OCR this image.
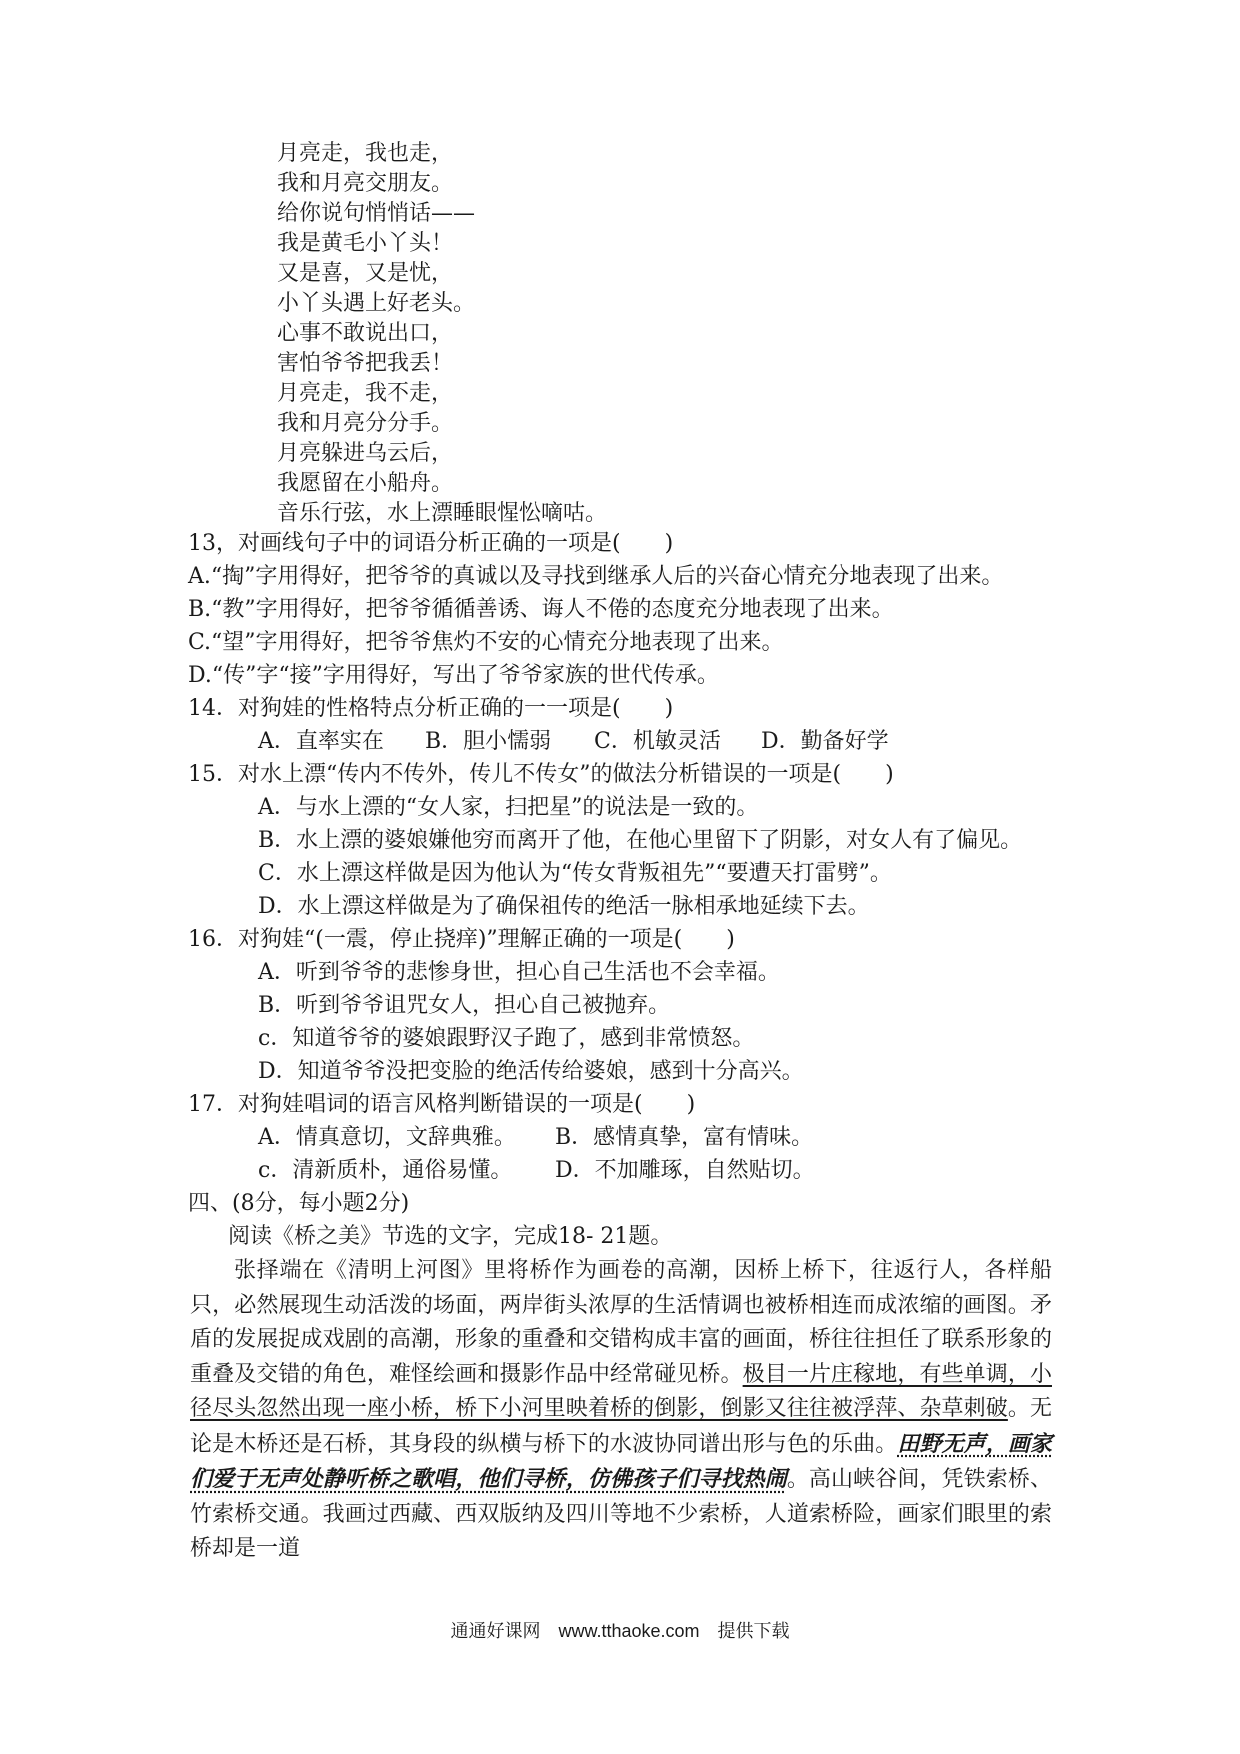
月亮走，我也走，
我和月亮交朋友。
给你说句悄悄话——
我是黄毛小丫头！
又是喜，又是忧，
小丫头遇上好老头。
心事不敢说出口，
害怕爷爷把我丢！
月亮走，我不走，
我和月亮分分手。
月亮躲进乌云后，
我愿留在小船舟。
音乐行弦，水上漂睡眼惺忪嘀咕。
13，对画线句子中的词语分析正确的一项是(　　)
A.“掏”字用得好，把爷爷的真诚以及寻找到继承人后的兴奋心情充分地表现了出来。
B.“教”字用得好，把爷爷循循善诱、诲人不倦的态度充分地表现了出来。
C.“望”字用得好，把爷爷焦灼不安的心情充分地表现了出来。
D.“传”字“接”字用得好，写出了爷爷家族的世代传承。
14．对狗娃的性格特点分析正确的一一项是(　　)
A．直率实在 B．胆小懦弱 C．机敏灵活 D．勤备好学
15．对水上漂“传内不传外，传儿不传女”的做法分析错误的一项是(　　)
A．与水上漂的“女人家，扫把星”的说法是一致的。
B．水上漂的婆娘嫌他穷而离开了他，在他心里留下了阴影，对女人有了偏见。
C．水上漂这样做是因为他认为“传女背叛祖先”“要遭天打雷劈”。
D．水上漂这样做是为了确保祖传的绝活一脉相承地延续下去。
16．对狗娃“(一震，停止挠痒)”理解正确的一项是(　　)
A．听到爷爷的悲惨身世，担心自己生活也不会幸福。
B．听到爷爷诅咒女人，担心自己被抛弃。
c．知道爷爷的婆娘跟野汉子跑了，感到非常愤怒。
D．知道爷爷没把变脸的绝活传给婆娘，感到十分高兴。
17．对狗娃唱词的语言风格判断错误的一项是(　　)
A．情真意切，文辞典雅。 B．感情真挚，富有情味。
c．清新质朴，通俗易懂。 D．不加雕琢，自然贴切。
四、(8分，每小题2分)
阅读《桥之美》节选的文字，完成18- 21题。
张择端在《清明上河图》里将桥作为画卷的高潮，因桥上桥下，往返行人，各样船只，必然展现生动活泼的场面，两岸街头浓厚的生活情调也被桥相连而成浓缩的画图。矛盾的发展捉成戏剧的高潮，形象的重叠和交错构成丰富的画面，桥往往担任了联系形象的重叠及交错的角色，难怪绘画和摄影作品中经常碰见桥。极目一片庄稼地，有些单调，小径尽头忽然出现一座小桥，桥下小河里映着桥的倒影，倒影又往往被浮萍、杂草刺破。无论是木桥还是石桥，其身段的纵横与桥下的水波协同谱出形与色的乐曲。田野无声，画家们爱于无声处静听桥之歌唱，他们寻桥，仿佛孩子们寻找热闹。高山峡谷间，凭铁索桥、竹索桥交通。我画过西藏、西双版纳及四川等地不少索桥，人道索桥险，画家们眼里的索桥却是一道
通通好课网　www.tthaoke.com　提供下载
